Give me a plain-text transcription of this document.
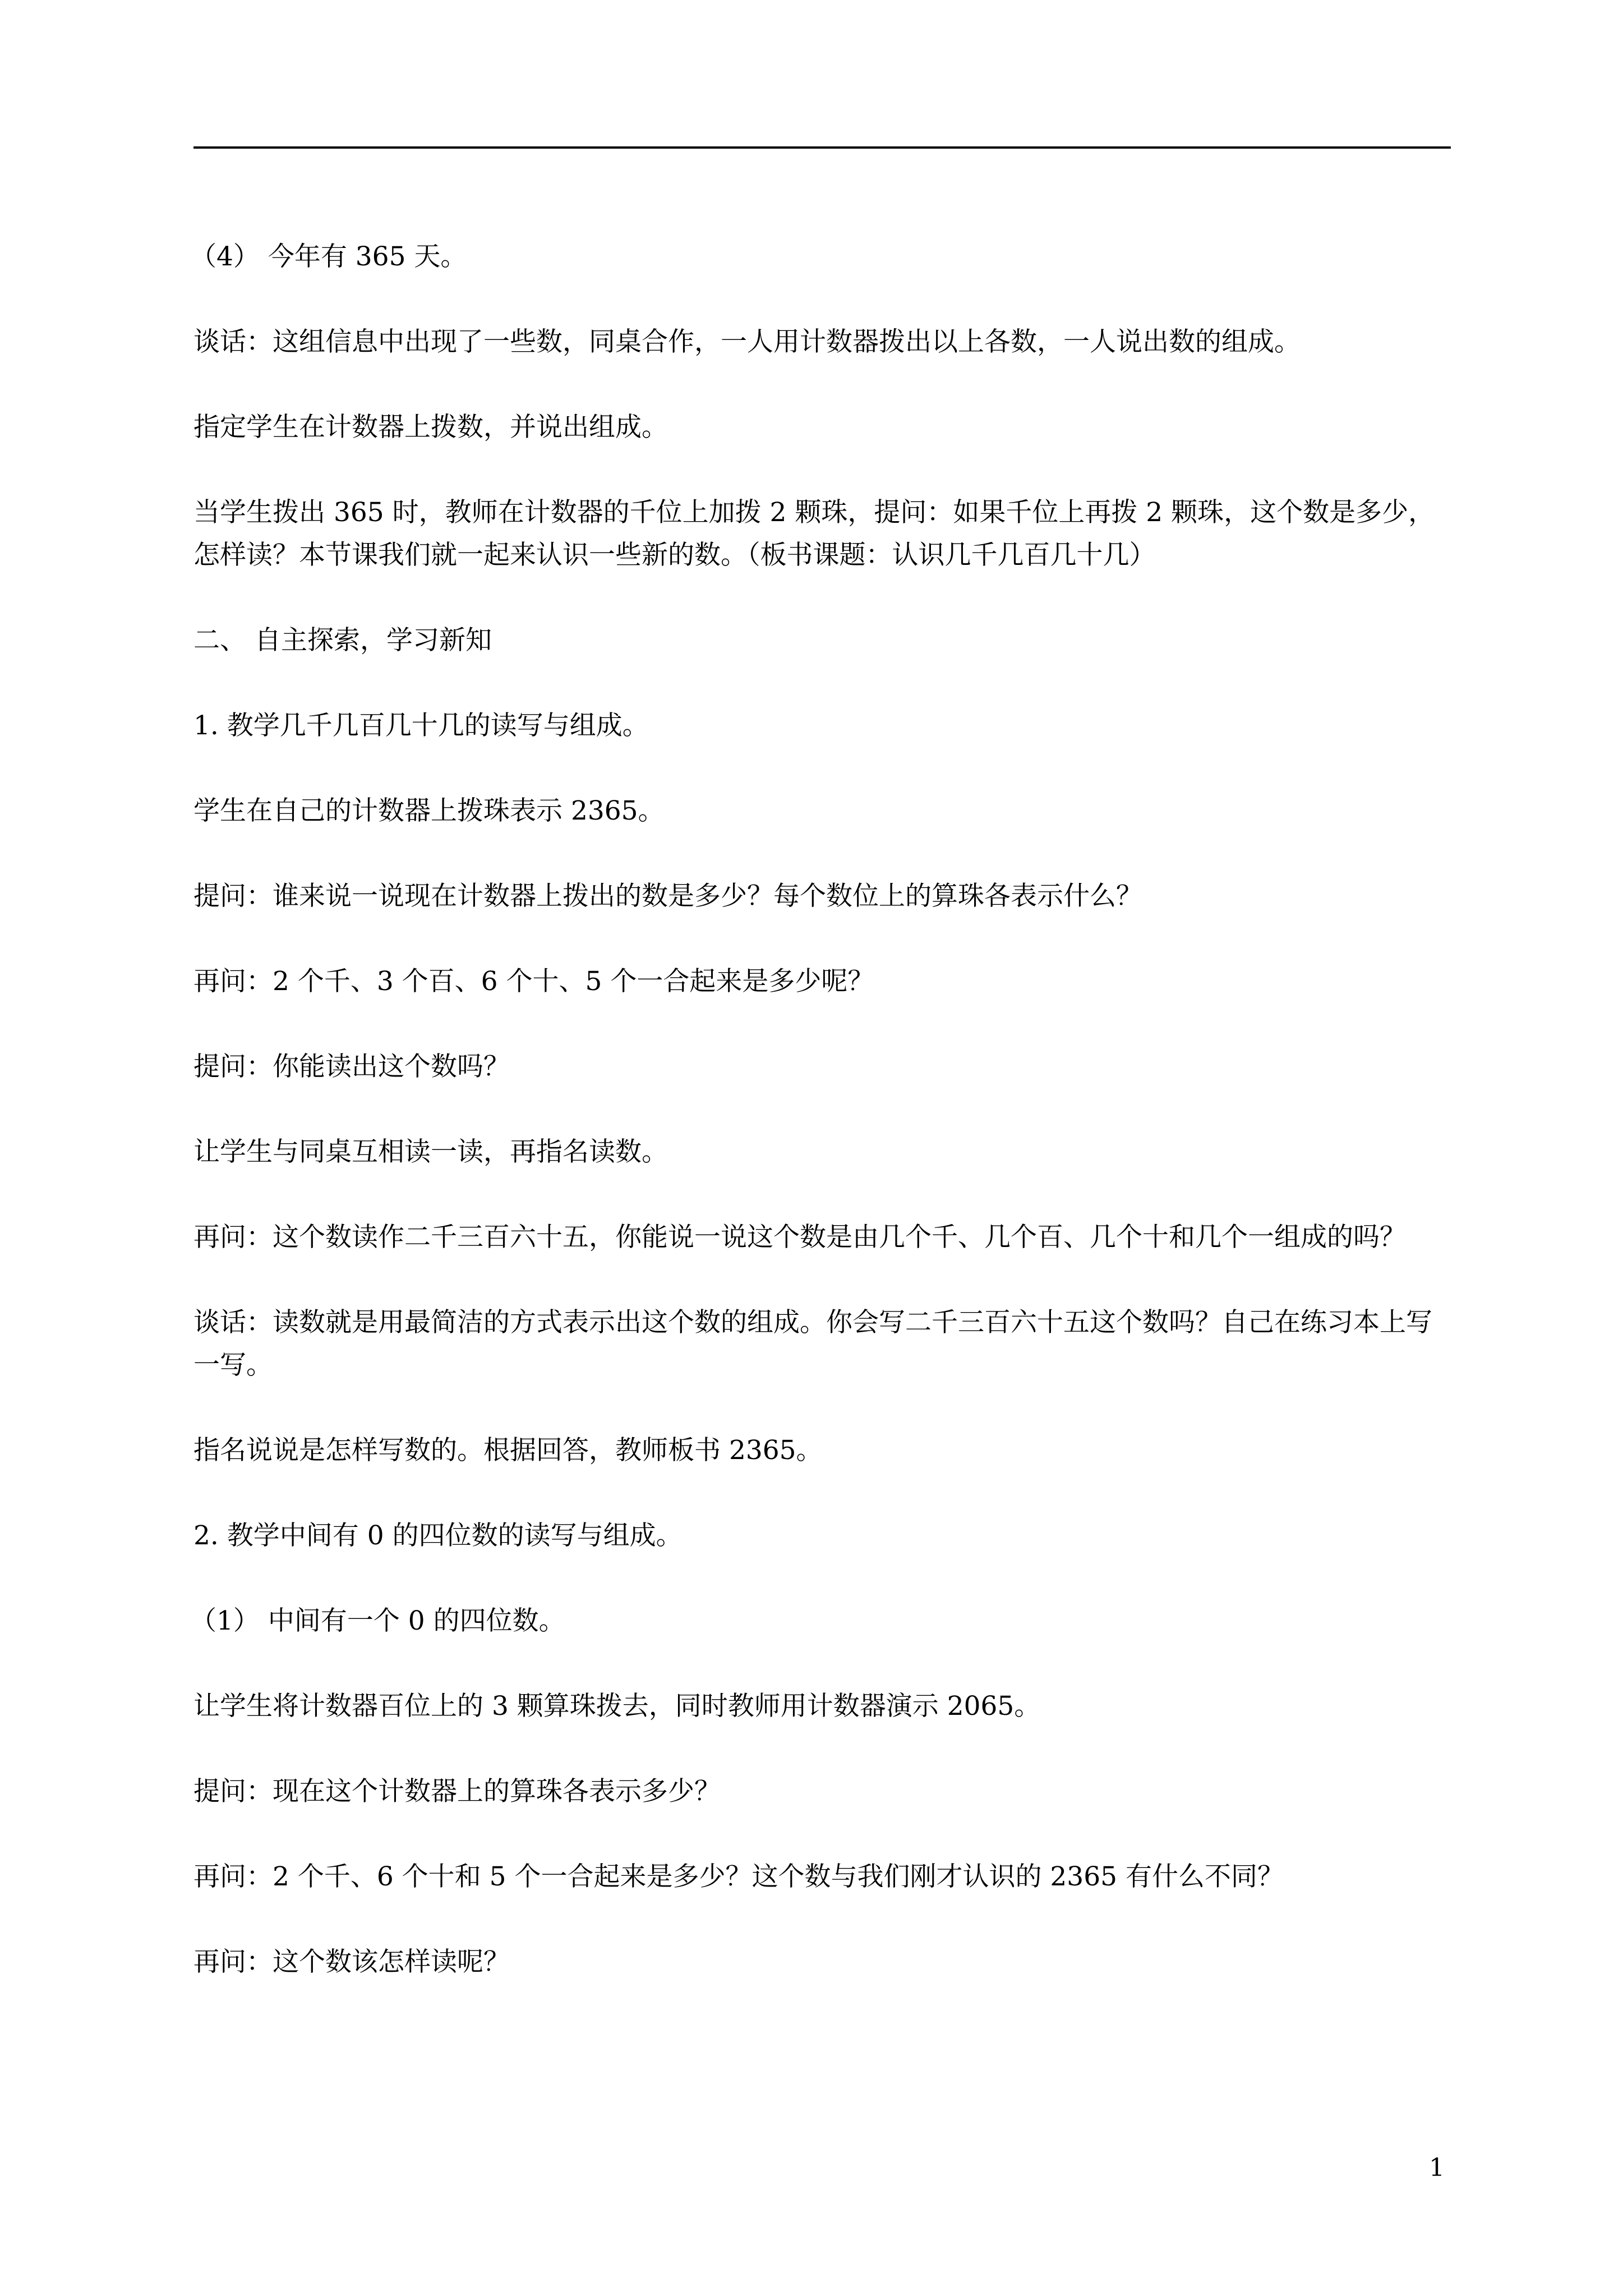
（4） 今年有 365 天。

谈话：这组信息中出现了一些数，同桌合作，一人用计数器拨出以上各数，一人说出数的组成。

指定学生在计数器上拨数，并说出组成。

当学生拨出 365 时，教师在计数器的千位上加拨 2 颗珠，提问：如果千位上再拨 2 颗珠，这个数是多少，怎样读？本节课我们就一起来认识一些新的数。（板书课题：认识几千几百几十几）

二、 自主探索，学习新知

1. 教学几千几百几十几的读写与组成。

学生在自己的计数器上拨珠表示 2365。

提问：谁来说一说现在计数器上拨出的数是多少？每个数位上的算珠各表示什么？

再问：2 个千、3 个百、6 个十、5 个一合起来是多少呢？

提问：你能读出这个数吗？

让学生与同桌互相读一读，再指名读数。

再问：这个数读作二千三百六十五，你能说一说这个数是由几个千、几个百、几个十和几个一组成的吗？

谈话：读数就是用最简洁的方式表示出这个数的组成。你会写二千三百六十五这个数吗？自己在练习本上写一写。

指名说说是怎样写数的。根据回答，教师板书 2365。

2. 教学中间有 0 的四位数的读写与组成。

（1） 中间有一个 0 的四位数。

让学生将计数器百位上的 3 颗算珠拨去，同时教师用计数器演示 2065。

提问：现在这个计数器上的算珠各表示多少？

再问：2 个千、6 个十和 5 个一合起来是多少？这个数与我们刚才认识的 2365 有什么不同？

再问：这个数该怎样读呢？

1
